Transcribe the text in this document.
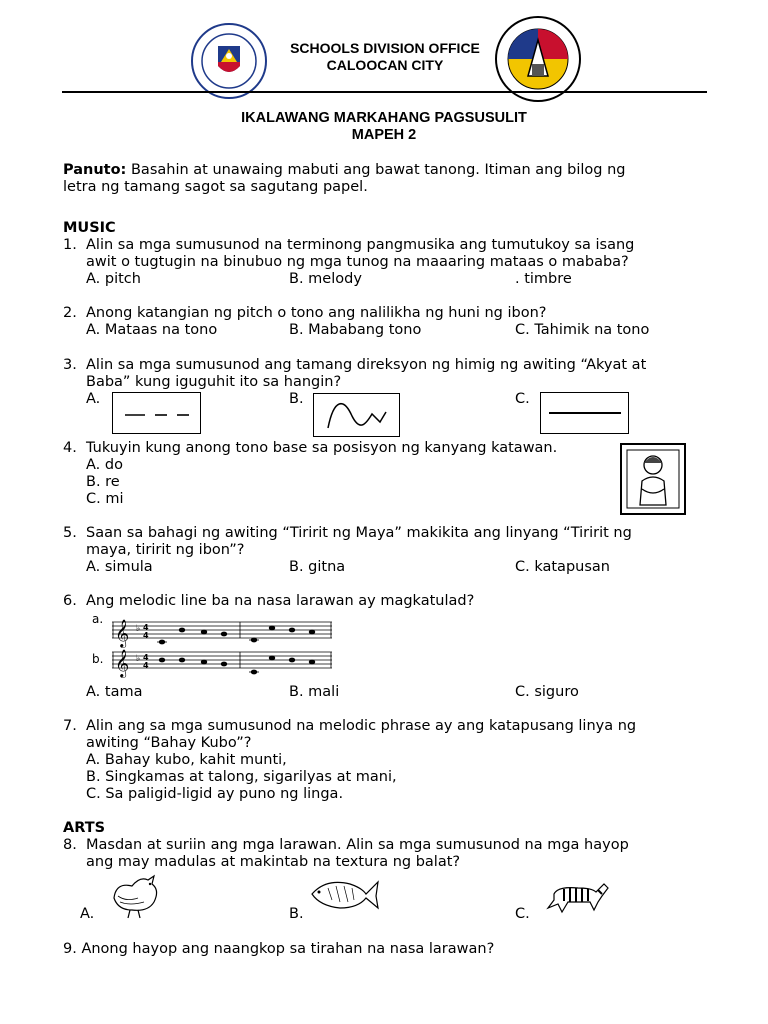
SCHOOLS DIVISION OFFICE
CALOOCAN CITY
IKALAWANG MARKAHANG PAGSUSULIT
MAPEH 2
Panuto: Basahin at unawaing mabuti ang bawat tanong. Itiman ang bilog ng
letra ng tamang sagot sa sagutang papel.
MUSIC
1. Alin sa mga sumusunod na terminong pangmusika ang tumutukoy sa isang
awit o tugtugin na binubuo ng mga tunog na maaaring mataas o mababa?
A. pitch	B. melody	. timbre
2. Anong katangian ng pitch o tono ang nalilikha ng huni ng ibon?
A. Mataas na tono	B. Mababang tono	C. Tahimik na tono
3. Alin sa mga sumusunod ang tamang direksyon ng himig ng awiting “Akyat at
Baba” kung iguguhit ito sa hangin?
A.	B.	C.
4. Tukuyin kung anong tono base sa posisyon ng kanyang katawan.
A. do
B. re
C. mi
5. Saan sa bahagi ng awiting “Tiririt ng Maya” makikita ang linyang “Tiririt ng
maya, tiririt ng ibon”?
A. simula	B. gitna	C. katapusan
6. Ang melodic line ba na nasa larawan ay magkatulad?
a.
b.
𝄞 ♭ 4
4
𝄞 ♭ 4
4
A. tama	B. mali	C. siguro
7. Alin ang sa mga sumusunod na melodic phrase ay ang katapusang linya ng
awiting “Bahay Kubo”?
A. Bahay kubo, kahit munti,
B. Singkamas at talong, sigarilyas at mani,
C. Sa paligid-ligid ay puno ng linga.
ARTS
8. Masdan at suriin ang mga larawan. Alin sa mga sumusunod na mga hayop
ang may madulas at makintab na textura ng balat?
A.	B.	C.
9. Anong hayop ang naangkop sa tirahan na nasa larawan?
